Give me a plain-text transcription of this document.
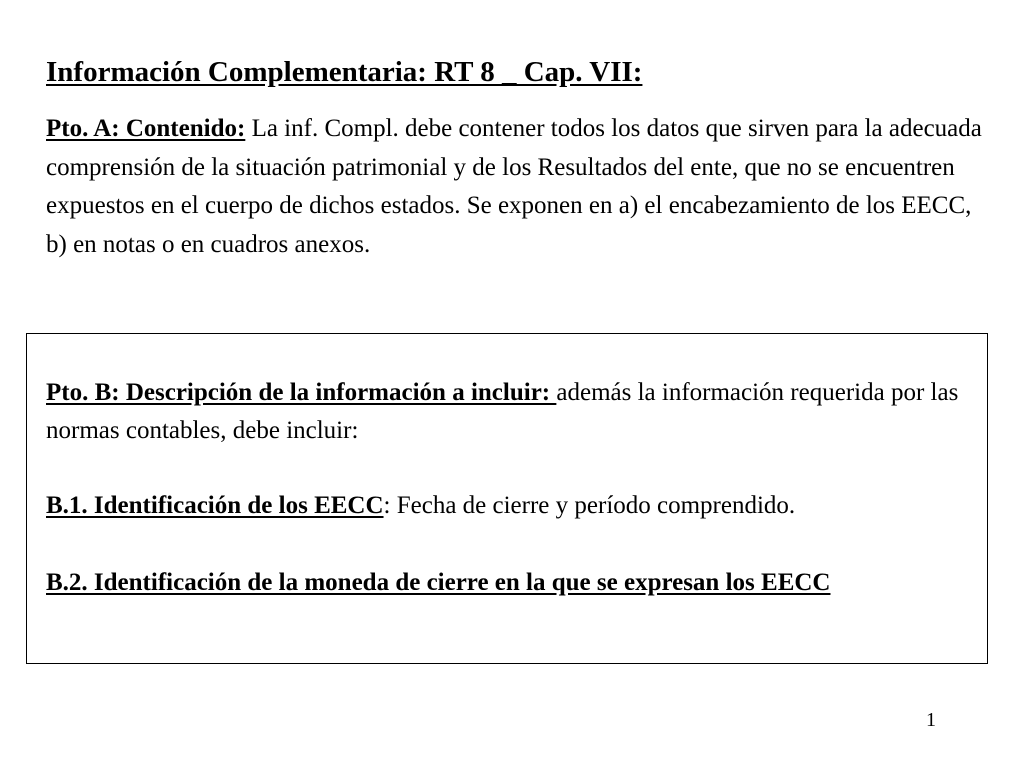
Información Complementaria: RT 8 _ Cap. VII:

Pto. A: Contenido: La inf. Compl. debe contener todos los datos que sirven para la adecuada comprensión de la situación patrimonial y de los Resultados del ente, que no se encuentren expuestos en el cuerpo de dichos estados. Se exponen en a) el encabezamiento de los EECC, b) en notas o en cuadros anexos.

Pto. B: Descripción de la información a incluir: además la información requerida por las normas contables, debe incluir:

B.1. Identificación de los EECC: Fecha de cierre y período comprendido.

B.2. Identificación de la moneda de cierre en la que se expresan los EECC

1
